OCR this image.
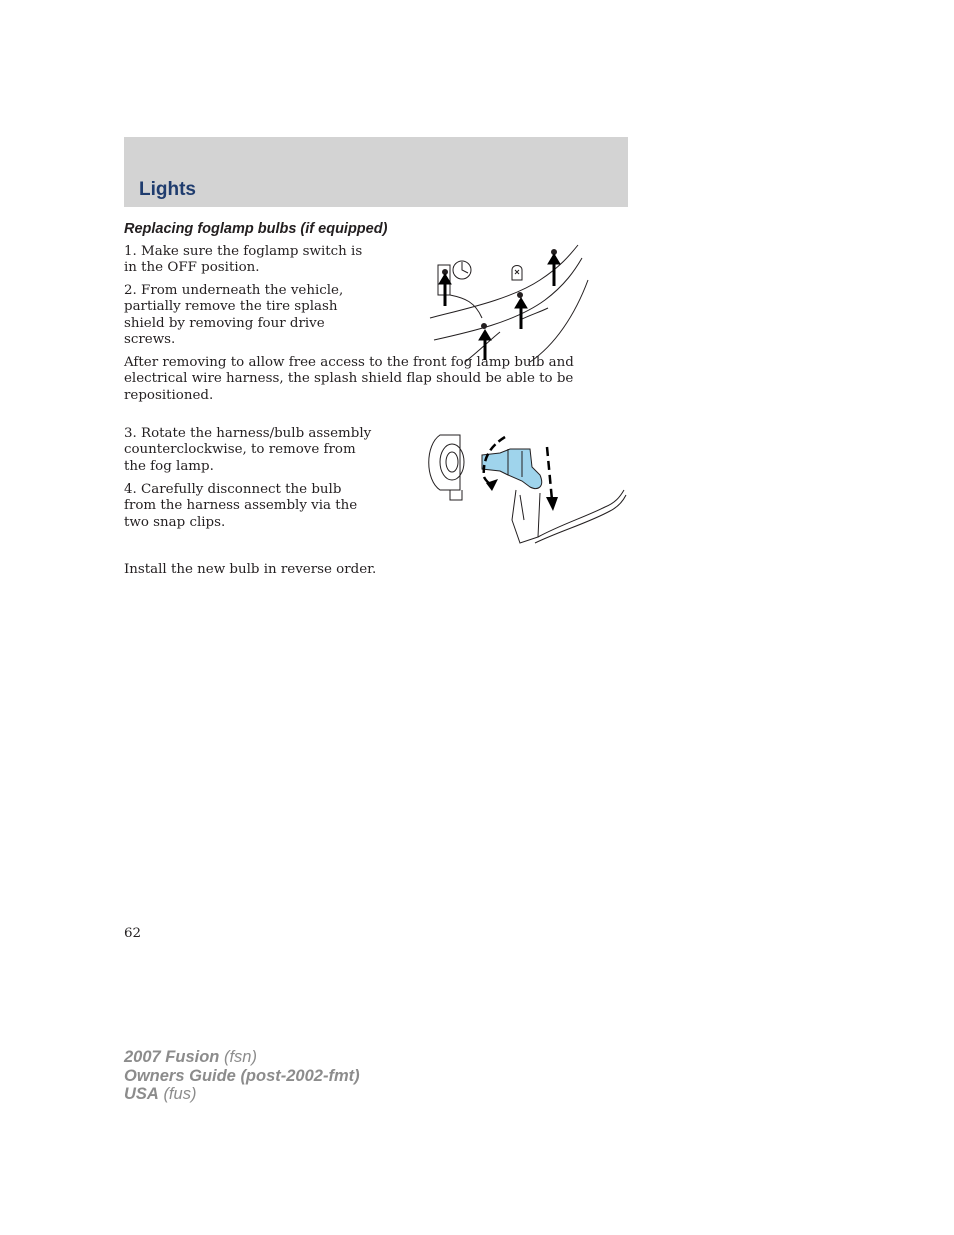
Lights
Replacing foglamp bulbs (if equipped)

1. Make sure the foglamp switch is in the OFF position.

2. From underneath the vehicle, partially remove the tire splash shield by removing four drive screws.

After removing to allow free access to the front fog lamp bulb and electrical wire harness, the splash shield flap should be able to be repositioned.

3. Rotate the harness/bulb assembly counterclockwise, to remove from the fog lamp.

4. Carefully disconnect the bulb from the harness assembly via the two snap clips.

Install the new bulb in reverse order.

62

2007 Fusion (fsn)
Owners Guide (post-2002-fmt)
USA (fus)
